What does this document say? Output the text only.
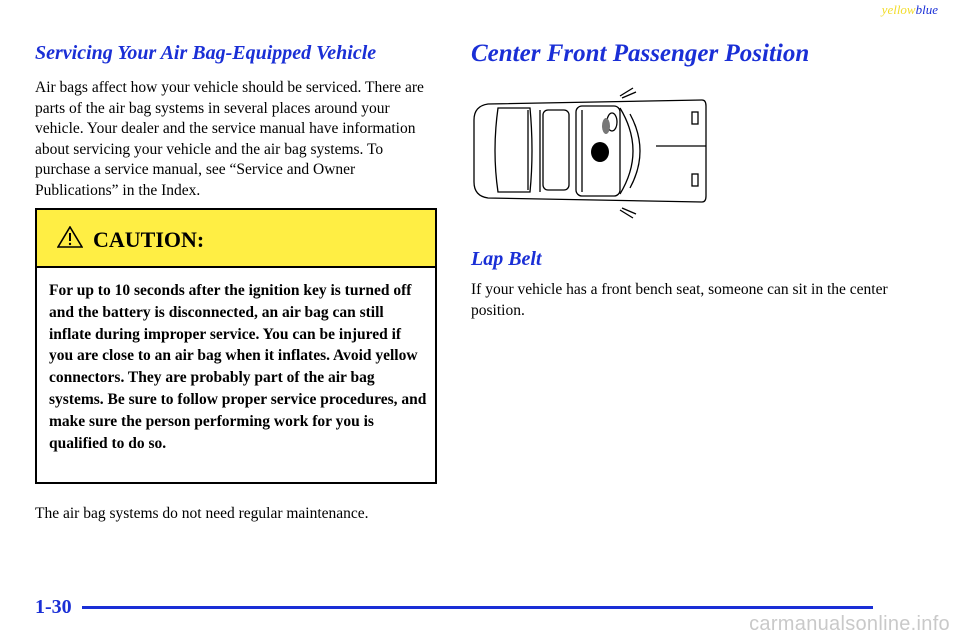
yellowblue
Servicing Your Air Bag-Equipped Vehicle

Air bags affect how your vehicle should be serviced. There are parts of the air bag systems in several places around your vehicle. Your dealer and the service manual have information about servicing your vehicle and the air bag systems. To purchase a service manual, see “Service and Owner Publications” in the Index.

CAUTION:

For up to 10 seconds after the ignition key is turned off and the battery is disconnected, an air bag can still inflate during improper service. You can be injured if you are close to an air bag when it inflates. Avoid yellow connectors. They are probably part of the air bag systems. Be sure to follow proper service procedures, and make sure the person performing work for you is qualified to do so.

The air bag systems do not need regular maintenance.

Center Front Passenger Position
Lap Belt

If your vehicle has a front bench seat, someone can sit in the center position.

1-30
carmanualsonline.info
